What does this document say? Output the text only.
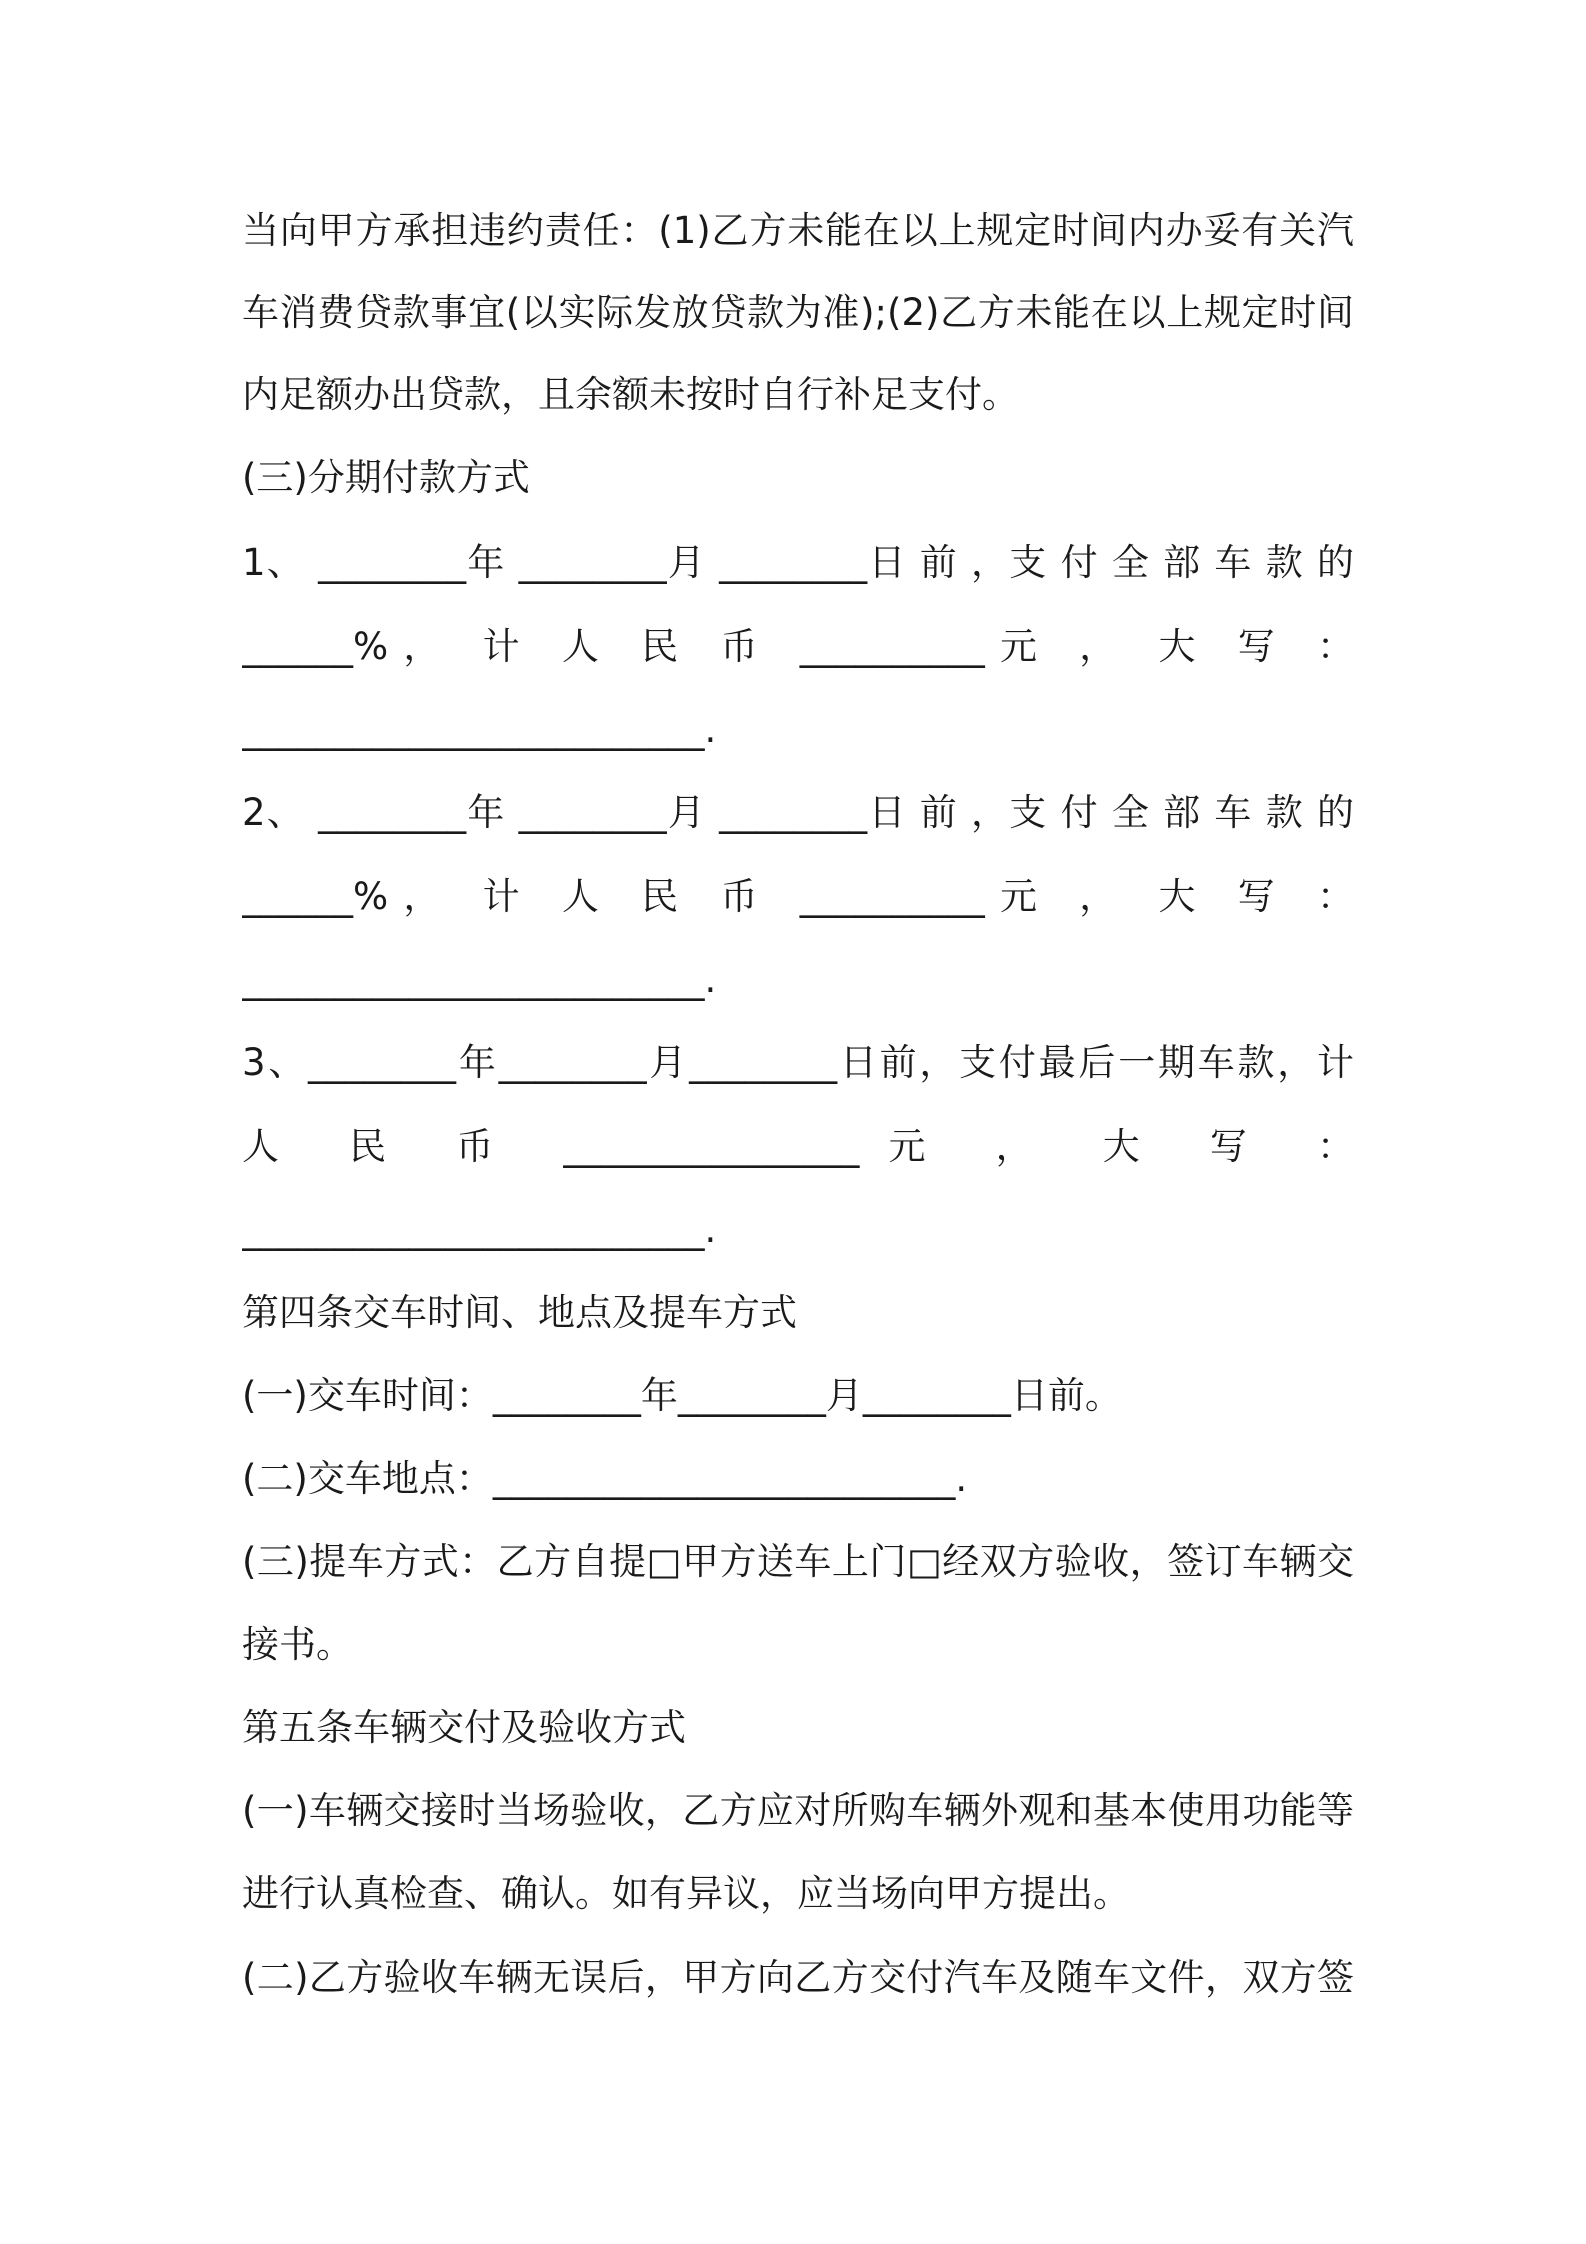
当向甲方承担违约责任：(1)乙方未能在以上规定时间内办妥有关汽
车消费贷款事宜(以实际发放贷款为准);(2)乙方未能在以上规定时间
内足额办出贷款，且余额未按时自行补足支付。
(三)分期付款方式
1、 ________年 ________月 ________日 前 ，支 付 全 部 车 款 的
______%， 计 人 民 币 __________元 ， 大 写 ：
_________________________.
2、 ________年 ________月 ________日 前 ，支 付 全 部 车 款 的
______%， 计 人 民 币 __________元 ， 大 写 ：
_________________________.
3、________年________月________日前，支付最后一期车款，计
人 民 币 ________________元 ， 大 写 ：
_________________________.
第四条交车时间、地点及提车方式
(一)交车时间：________年________月________日前。
(二)交车地点：_________________________.
(三)提车方式：乙方自提□甲方送车上门□经双方验收，签订车辆交
接书。
第五条车辆交付及验收方式
(一)车辆交接时当场验收，乙方应对所购车辆外观和基本使用功能等
进行认真检查、确认。如有异议，应当场向甲方提出。
(二)乙方验收车辆无误后，甲方向乙方交付汽车及随车文件，双方签
